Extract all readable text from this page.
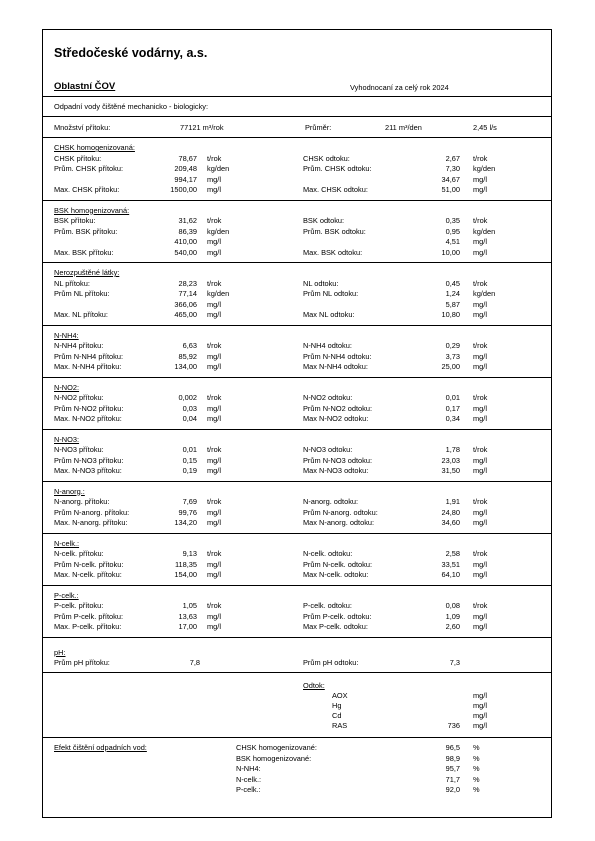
Středočeské vodárny, a.s.
Oblastní ČOV	Vyhodnocaní za celý rok 2024
Odpadní vody čištěné mechanicko - biologicky:
Množství přítoku:	77121 m³/rok	Průměr:	211 m³/den	2,45 l/s
CHSK homogenizovaná:
CHSK přítoku:	78,67 t/rok	CHSK odtoku:	2,67 t/rok
Prům. CHSK přítoku:	209,48 kg/den	Prům. CHSK odtoku:	7,30 kg/den
994,17 mg/l	34,67 mg/l
Max. CHSK přítoku:	1500,00 mg/l	Max. CHSK odtoku:	51,00 mg/l
BSK homogenizovaná:
BSK přítoku:	31,62 t/rok	BSK odtoku:	0,35 t/rok
Prům. BSK přítoku:	86,39 kg/den	Prům. BSK odtoku:	0,95 kg/den
410,00 mg/l	4,51 mg/l
Max. BSK přítoku:	540,00 mg/l	Max. BSK odtoku:	10,00 mg/l
Nerozpuštěné látky:
NL přítoku:	28,23 t/rok	NL odtoku:	0,45 t/rok
Prům NL přítoku:	77,14 kg/den	Prům NL odtoku:	1,24 kg/den
366,06 mg/l	5,87 mg/l
Max. NL přítoku:	465,00 mg/l	Max NL odtoku:	10,80 mg/l
N-NH4:
N-NH4 přítoku:	6,63 t/rok	N-NH4 odtoku:	0,29 t/rok
Prům N-NH4 přítoku:	85,92 mg/l	Prům N-NH4 odtoku:	3,73 mg/l
Max. N-NH4 přítoku:	134,00 mg/l	Max N-NH4 odtoku:	25,00 mg/l
N-NO2:
N-NO2 přítoku:	0,002 t/rok	N-NO2 odtoku:	0,01 t/rok
Prům N-NO2 přítoku:	0,03 mg/l	Prům N-NO2 odtoku:	0,17 mg/l
Max. N-NO2 přítoku:	0,04 mg/l	Max N-NO2 odtoku:	0,34 mg/l
N-NO3:
N-NO3 přítoku:	0,01 t/rok	N-NO3 odtoku:	1,78 t/rok
Prům N-NO3 přítoku:	0,15 mg/l	Prům N-NO3 odtoku:	23,03 mg/l
Max. N-NO3 přítoku:	0,19 mg/l	Max N-NO3 odtoku:	31,50 mg/l
N-anorg.:
N-anorg. přítoku:	7,69 t/rok	N-anorg. odtoku:	1,91 t/rok
Prům N-anorg. přítoku:	99,76 mg/l	Prům N-anorg. odtoku:	24,80 mg/l
Max. N-anorg. přítoku:	134,20 mg/l	Max N-anorg. odtoku:	34,60 mg/l
N-celk.:
N-celk. přítoku:	9,13 t/rok	N-celk. odtoku:	2,58 t/rok
Prům N-celk. přítoku:	118,35 mg/l	Prům N-celk. odtoku:	33,51 mg/l
Max. N-celk. přítoku:	154,00 mg/l	Max N-celk. odtoku:	64,10 mg/l
P-celk.:
P-celk. přítoku:	1,05 t/rok	P-celk. odtoku:	0,08 t/rok
Prům P-celk. přítoku:	13,63 mg/l	Prům P-celk. odtoku:	1,09 mg/l
Max. P-celk. přítoku:	17,00 mg/l	Max P-celk. odtoku:	2,60 mg/l
pH:
Prům pH přítoku:	7,8	Prům pH odtoku:	7,3
Odtok:
AOX	mg/l
Hg	mg/l
Cd	mg/l
RAS	736 mg/l
Efekt čištění odpadních vod:	CHSK homogenizované:	96,5 %
BSK homogenizované:	98,9 %
N-NH4:	95,7 %
N-celk.:	71,7 %
P-celk.:	92,0 %
